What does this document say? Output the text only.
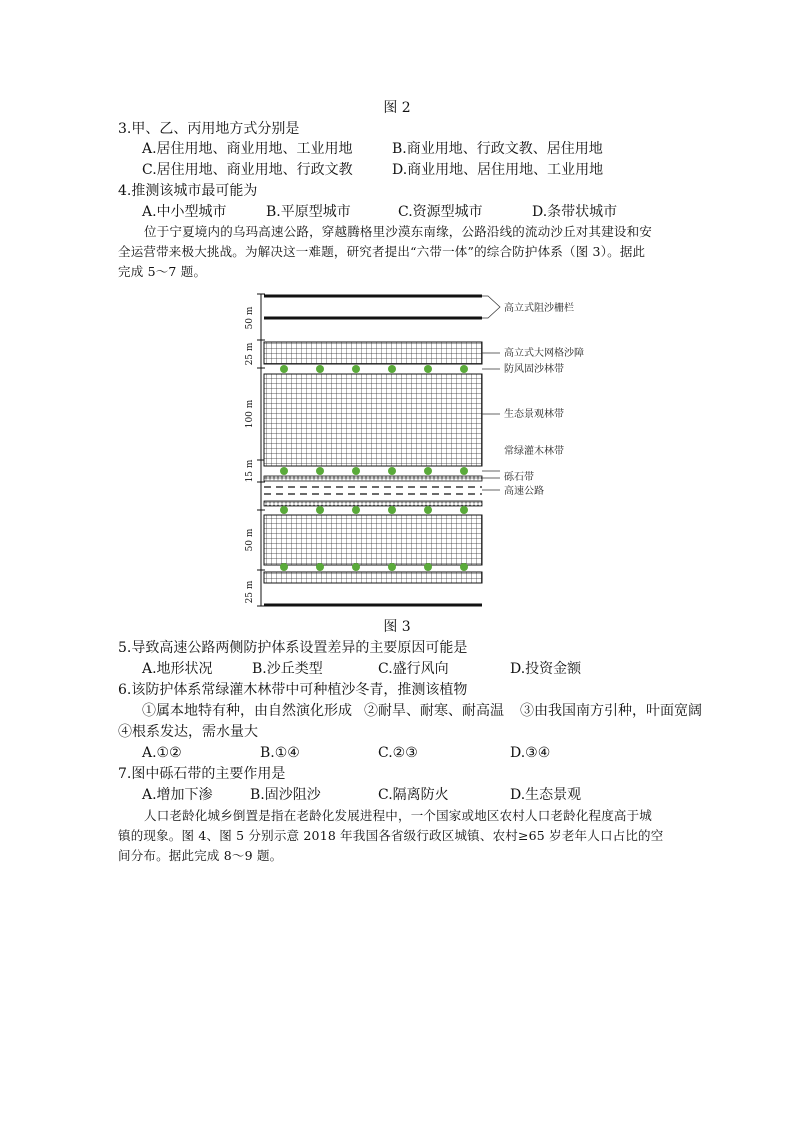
图 2
3.甲、乙、丙用地方式分别是
A.居住用地、商业用地、工业用地	B.商业用地、行政文教、居住用地
C.居住用地、商业用地、行政文教	D.商业用地、居住用地、工业用地
4.推测该城市最可能为
A.中小型城市	B.平原型城市	C.资源型城市	D.条带状城市
位于宁夏境内的乌玛高速公路，穿越腾格里沙漠东南缘，公路沿线的流动沙丘对其建设和安
全运营带来极大挑战。为解决这一难题，研究者提出“六带一体”的综合防护体系（图 3）。据此
完成 5～7 题。
50 m
25 m
100 m
15 m
50 m
25 m
高立式阻沙栅栏
高立式大网格沙障
防风固沙林带
生态景观林带
常绿灌木林带
砾石带
高速公路
图 3
5.导致高速公路两侧防护体系设置差异的主要原因可能是
A.地形状况	B.沙丘类型	C.盛行风向	D.投资金额
6.该防护体系常绿灌木林带中可种植沙冬青，推测该植物
①属本地特有种，由自然演化形成 ②耐旱、耐寒、耐高温 ③由我国南方引种，叶面宽阔
④根系发达，需水量大
A.①②	B.①④	C.②③	D.③④
7.图中砾石带的主要作用是
A.增加下渗	B.固沙阻沙	C.隔离防火	D.生态景观
人口老龄化城乡倒置是指在老龄化发展进程中，一个国家或地区农村人口老龄化程度高于城
镇的现象。图 4、图 5 分别示意 2018 年我国各省级行政区城镇、农村≥65 岁老年人口占比的空
间分布。据此完成 8～9 题。
